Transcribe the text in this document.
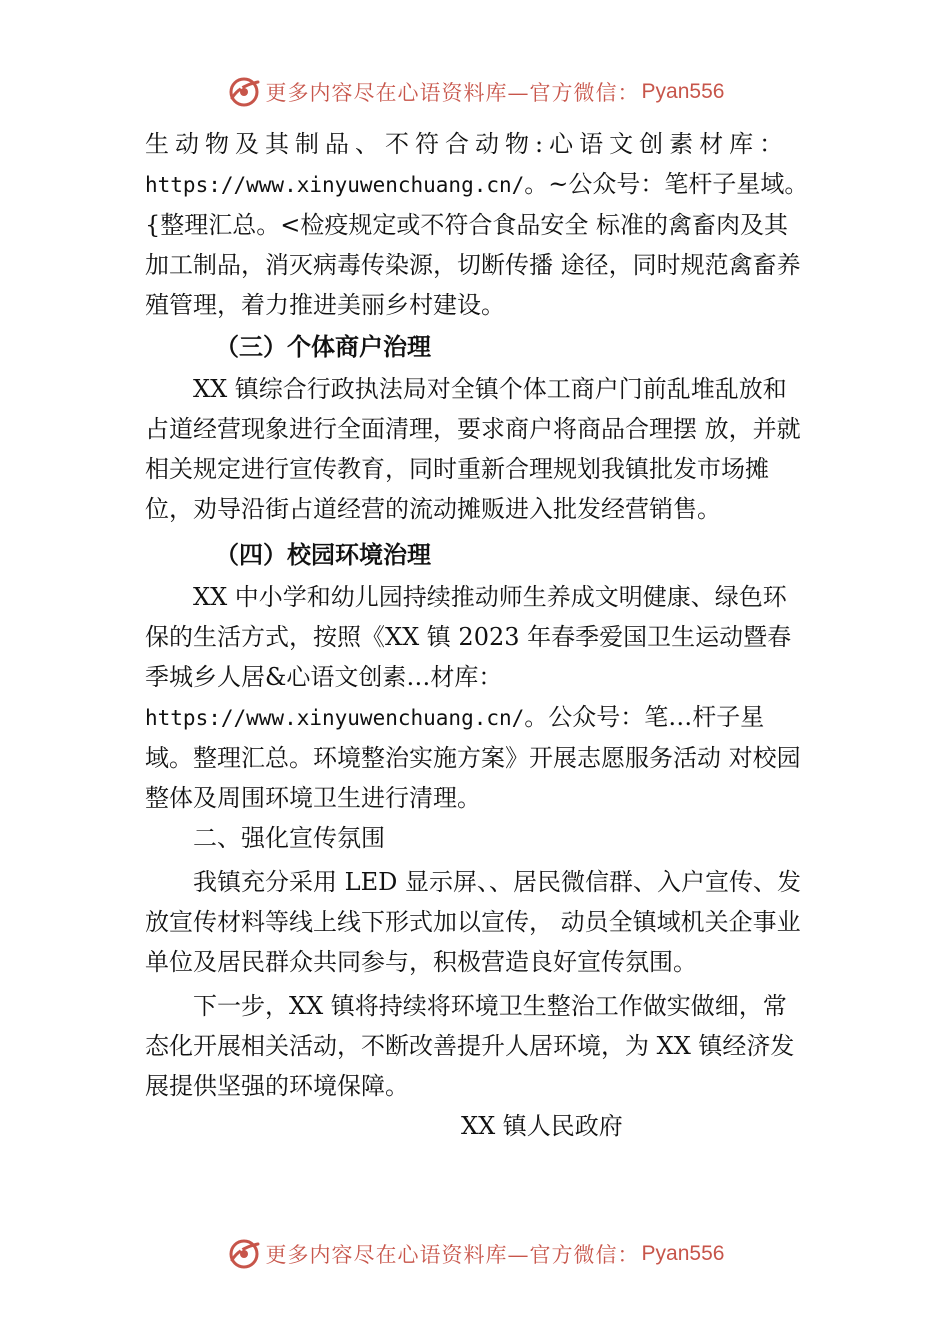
更多内容尽在心语资料库—官方微信： Pyan556

生动物及其制品、不符合动物:心语文创素材库：
https://www.xinyuwenchuang.cn/。~公众号：笔杆子星域。{整理汇总。<检疫规定或不符合食品安全 标准的禽畜肉及其加工制品，消灭病毒传染源，切断传播 途径，同时规范禽畜养殖管理，着力推进美丽乡村建设。

（三）个体商户治理

XX 镇综合行政执法局对全镇个体工商户门前乱堆乱放和占道经营现象进行全面清理，要求商户将商品合理摆 放，并就相关规定进行宣传教育，同时重新合理规划我镇批发市场摊位，劝导沿街占道经营的流动摊贩进入批发经营销售。

（四）校园环境治理

XX 中小学和幼儿园持续推动师生养成文明健康、绿色环保的生活方式，按照《XX 镇 2023 年春季爱国卫生运动暨春季城乡人居&心语文创素…材库：https://www.xinyuwenchuang.cn/。公众号：笔…杆子星域。整理汇总。环境整治实施方案》开展志愿服务活动 对校园整体及周围环境卫生进行清理。

二、强化宣传氛围

我镇充分采用 LED 显示屏、、居民微信群、入户宣传、发放宣传材料等线上线下形式加以宣传， 动员全镇域机关企事业单位及居民群众共同参与，积极营造良好宣传氛围。

下一步，XX 镇将持续将环境卫生整治工作做实做细，常态化开展相关活动，不断改善提升人居环境，为 XX 镇经济发展提供坚强的环境保障。

XX 镇人民政府

更多内容尽在心语资料库—官方微信： Pyan556
